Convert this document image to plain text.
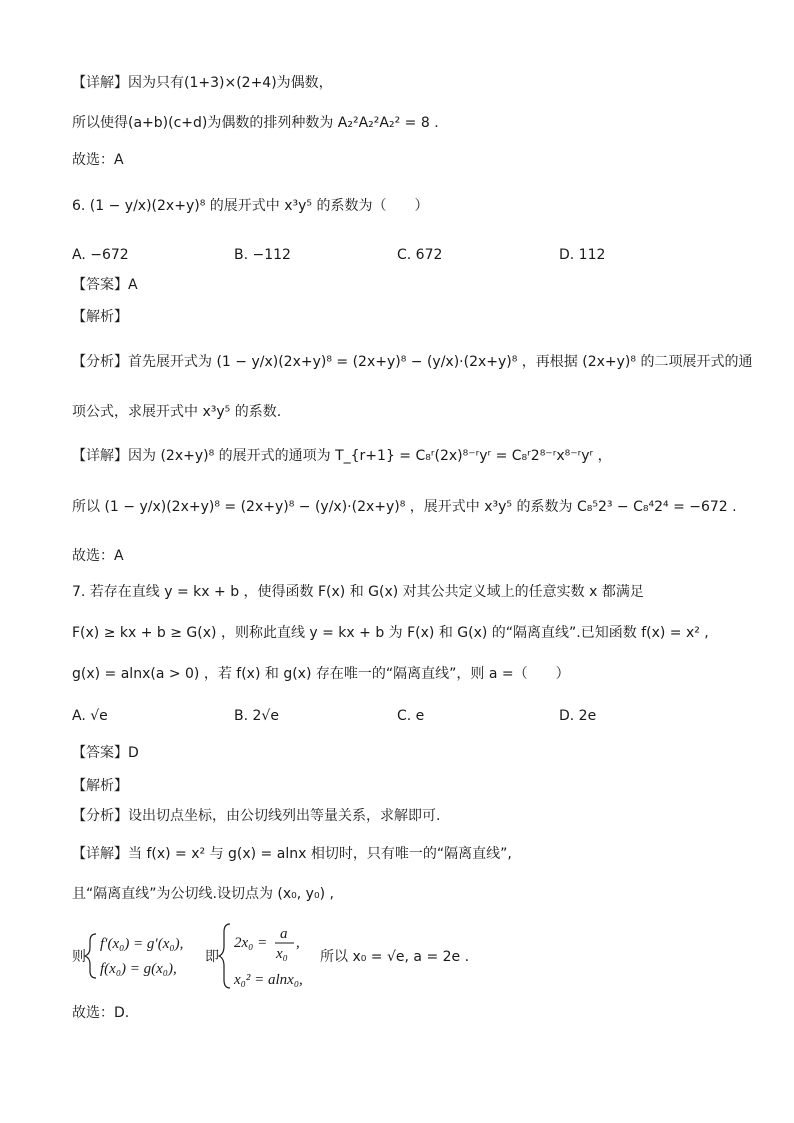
【详解】因为只有(1+3)×(2+4)为偶数，
所以使得(a+b)(c+d)为偶数的排列种数为 A₂²A₂²A₂² = 8 .
故选：A
6. (1 − y/x)(2x+y)⁸ 的展开式中 x³y⁵ 的系数为（　　）
A. −672	B. −112	C. 672	D. 112
【答案】A
【解析】
【分析】首先展开式为 (1 − y/x)(2x+y)⁸ = (2x+y)⁸ − (y/x)·(2x+y)⁸ ，再根据 (2x+y)⁸ 的二项展开式的通
项公式，求展开式中 x³y⁵ 的系数.
【详解】因为 (2x+y)⁸ 的展开式的通项为 T_{r+1} = C₈ʳ(2x)⁸⁻ʳyʳ = C₈ʳ2⁸⁻ʳx⁸⁻ʳyʳ ，
所以 (1 − y/x)(2x+y)⁸ = (2x+y)⁸ − (y/x)·(2x+y)⁸ ，展开式中 x³y⁵ 的系数为 C₈⁵2³ − C₈⁴2⁴ = −672 .
故选：A
7. 若存在直线 y = kx + b ，使得函数 F(x) 和 G(x) 对其公共定义域上的任意实数 x 都满足
F(x) ≥ kx + b ≥ G(x) ，则称此直线 y = kx + b 为 F(x) 和 G(x) 的“隔离直线”.已知函数 f(x) = x² ,
g(x) = alnx(a > 0) ，若 f(x) 和 g(x) 存在唯一的“隔离直线”，则 a =（　　）
A. √e	B. 2√e	C. e	D. 2e
【答案】D
【解析】
【分析】设出切点坐标，由公切线列出等量关系，求解即可.
【详解】当 f(x) = x² 与 g(x) = alnx 相切时，只有唯一的“隔离直线”,
且“隔离直线”为公切线.设切点为 (x₀, y₀) ,
则
f′(x₀) = g′(x₀),
f(x₀) = g(x₀),
即
2x₀ =
a
x₀
,
x₀² = alnx₀,
所以 x₀ = √e, a = 2e .
故选：D.
